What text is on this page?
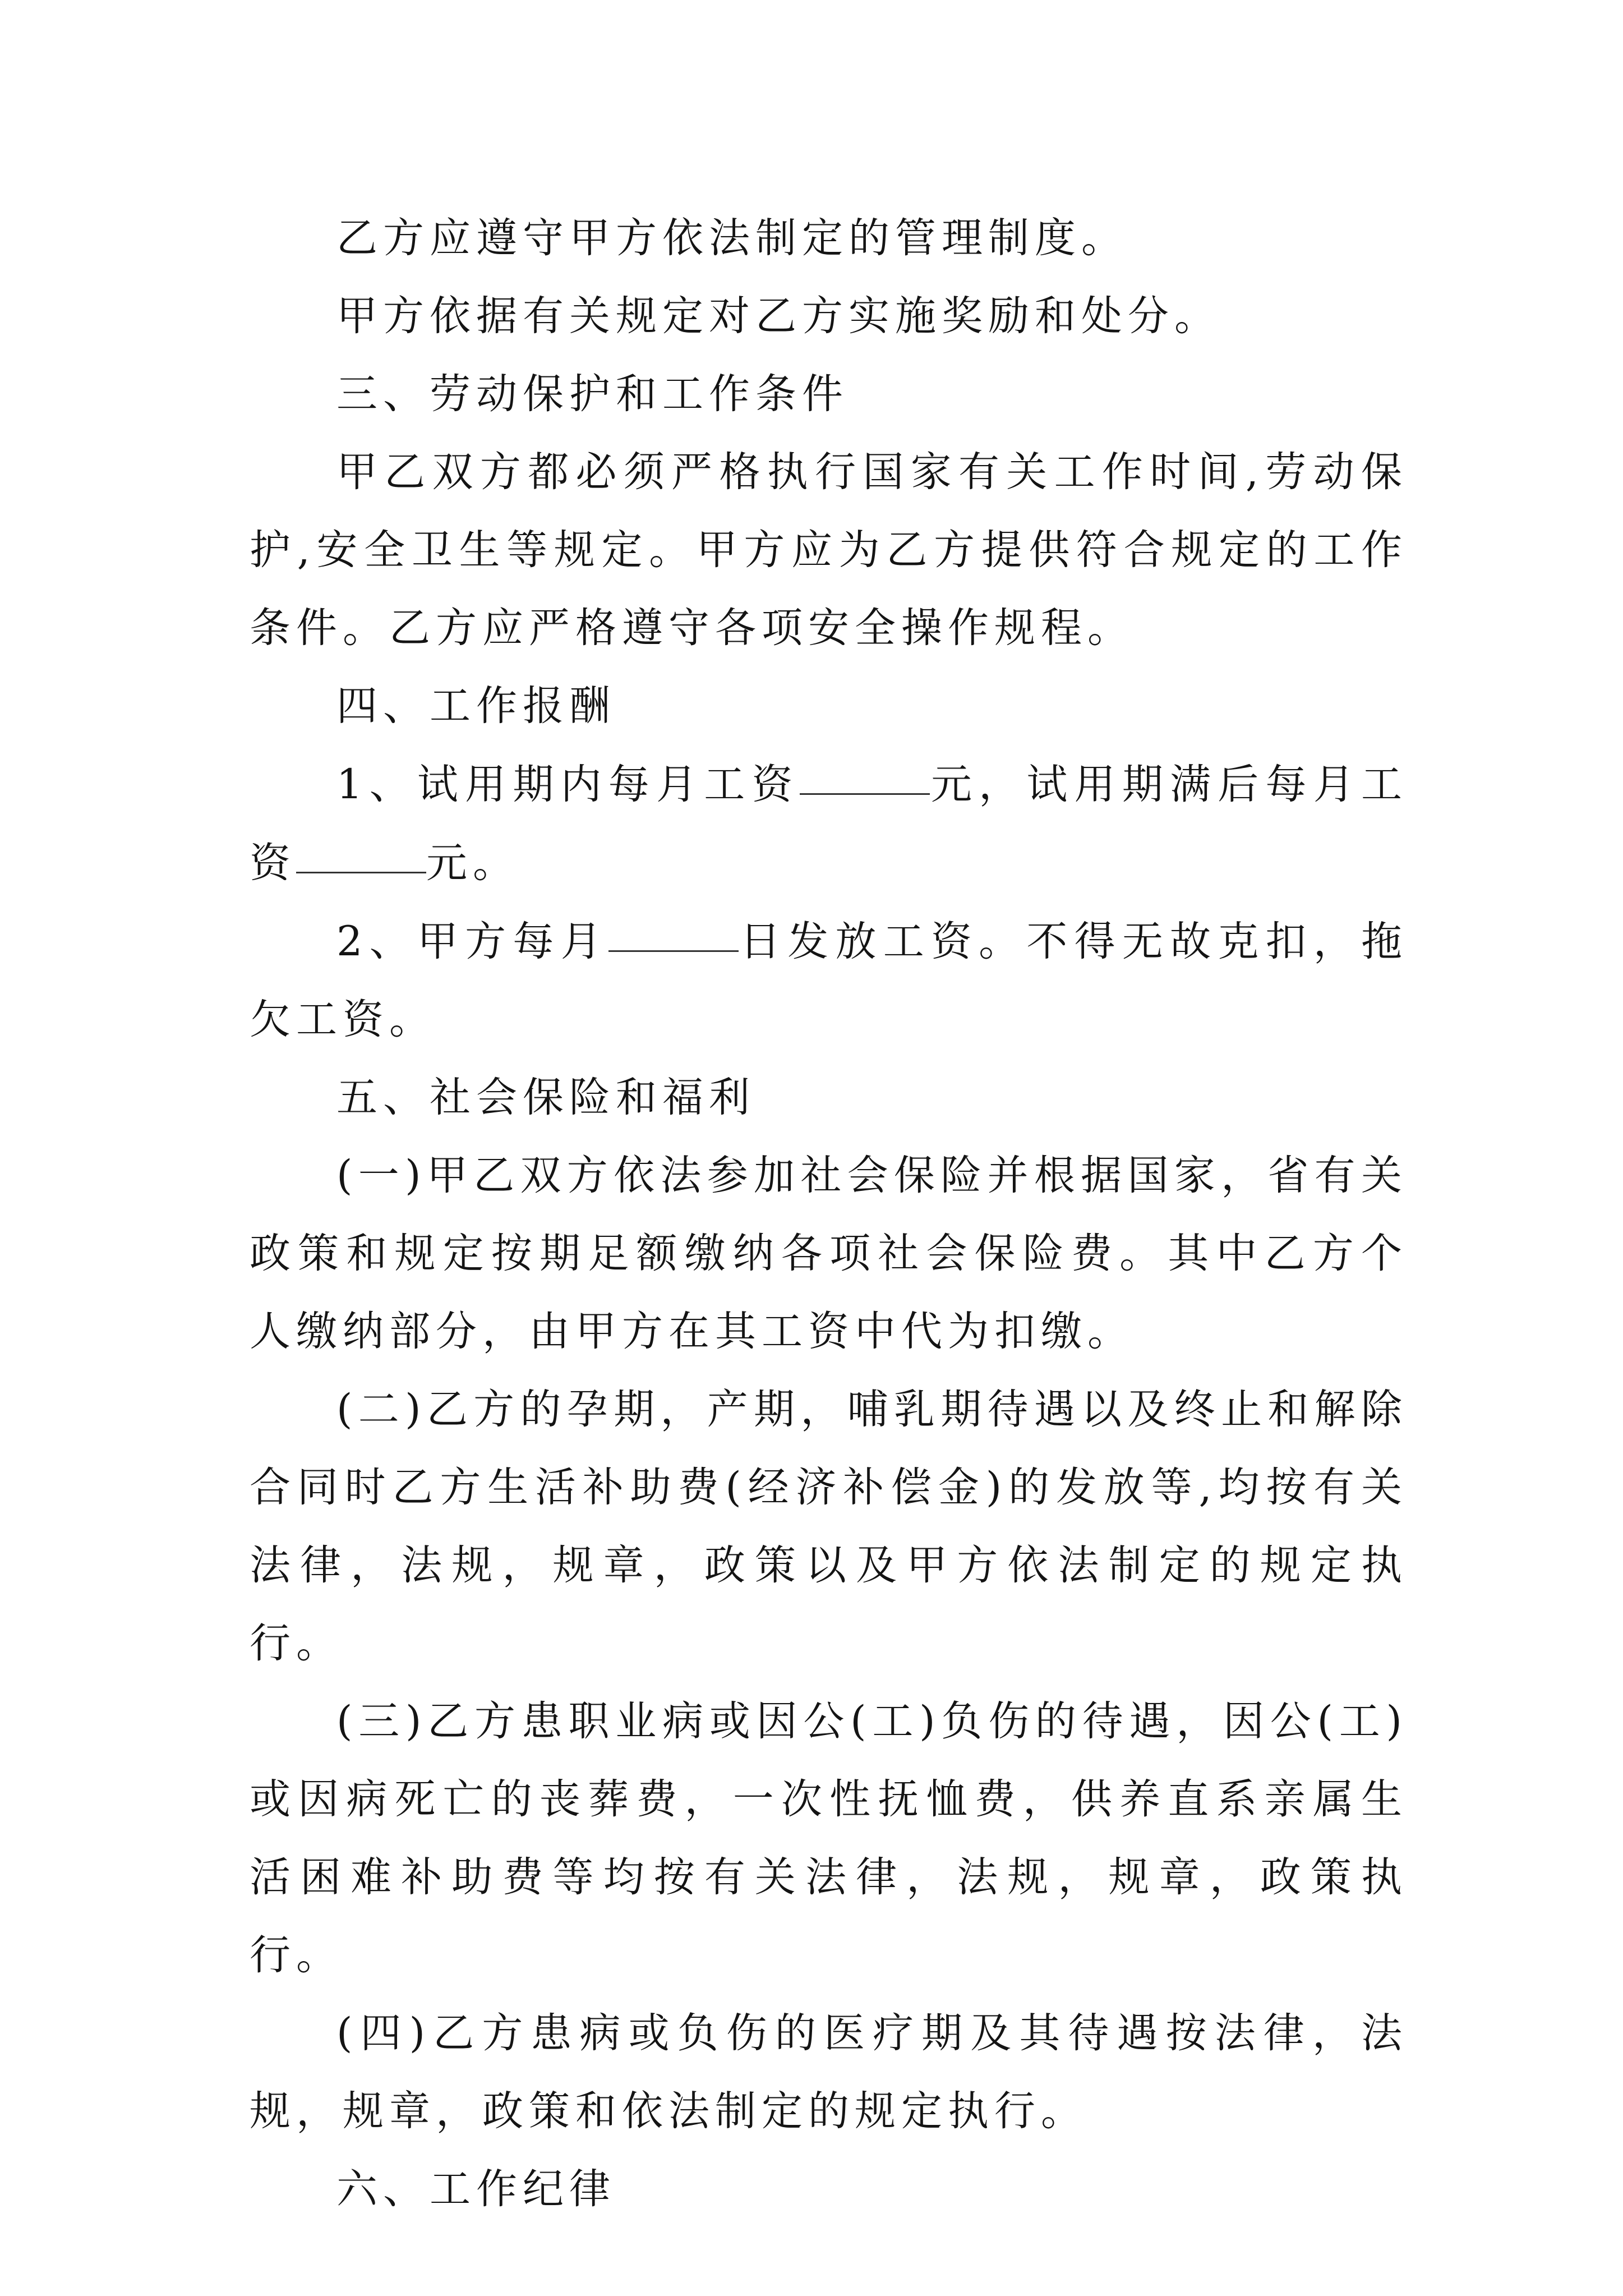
乙方应遵守甲方依法制定的管理制度。

甲方依据有关规定对乙方实施奖励和处分。

三、劳动保护和工作条件

甲乙双方都必须严格执行国家有关工作时间,劳动保护,安全卫生等规定。甲方应为乙方提供符合规定的工作条件。乙方应严格遵守各项安全操作规程。

四、工作报酬

1、试用期内每月工资	元，试用期满后每月工资	元。

2、甲方每月	日发放工资。不得无故克扣，拖欠工资。

五、社会保险和福利

(一)甲乙双方依法参加社会保险并根据国家，省有关政策和规定按期足额缴纳各项社会保险费。其中乙方个人缴纳部分，由甲方在其工资中代为扣缴。

(二)乙方的孕期，产期，哺乳期待遇以及终止和解除合同时乙方生活补助费(经济补偿金)的发放等,均按有关法律，法规，规章，政策以及甲方依法制定的规定执行。

(三)乙方患职业病或因公(工)负伤的待遇，因公(工)或因病死亡的丧葬费，一次性抚恤费，供养直系亲属生活困难补助费等均按有关法律，法规，规章，政策执行。

(四)乙方患病或负伤的医疗期及其待遇按法律，法规，规章，政策和依法制定的规定执行。

六、工作纪律
